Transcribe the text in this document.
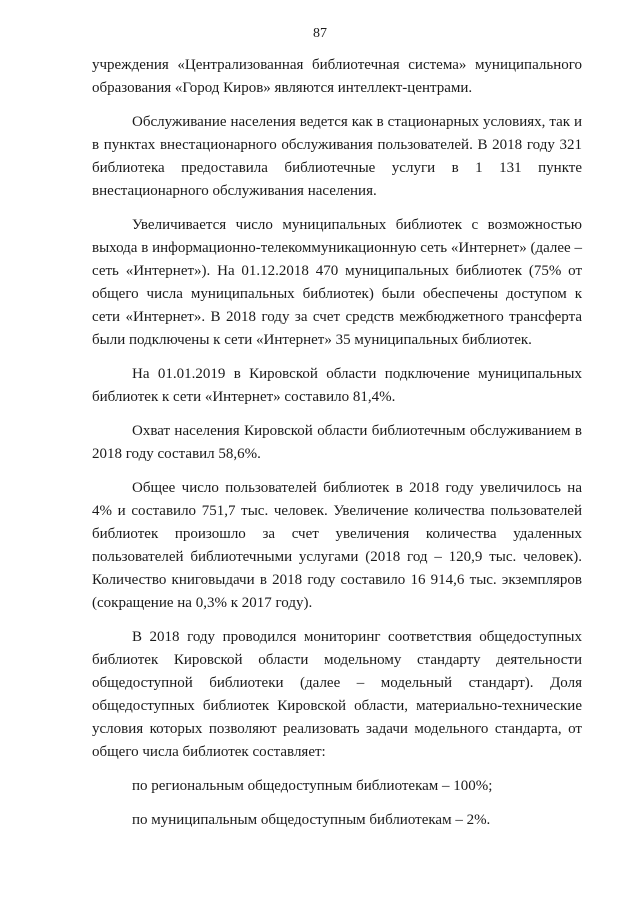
87

учреждения «Централизованная библиотечная система» муниципального образования «Город Киров» являются интеллект-центрами.

Обслуживание населения ведется как в стационарных условиях, так и в пунктах внестационарного обслуживания пользователей. В 2018 году 321 библиотека предоставила библиотечные услуги в 1 131 пункте внестационарного обслуживания населения.

Увеличивается число муниципальных библиотек с возможностью выхода в информационно-телекоммуникационную сеть «Интернет» (далее – сеть «Интернет»). На 01.12.2018 470 муниципальных библиотек (75% от общего числа муниципальных библиотек) были обеспечены доступом к сети «Интернет». В 2018 году за счет средств межбюджетного трансферта были подключены к сети «Интернет» 35 муниципальных библиотек.

На 01.01.2019 в Кировской области подключение муниципальных библиотек к сети «Интернет» составило 81,4%.

Охват населения Кировской области библиотечным обслуживанием в 2018 году составил 58,6%.

Общее число пользователей библиотек в 2018 году увеличилось на 4% и составило 751,7 тыс. человек. Увеличение количества пользователей библиотек произошло за счет увеличения количества удаленных пользователей библиотечными услугами (2018 год – 120,9 тыс. человек). Количество книговыдачи в 2018 году составило 16 914,6 тыс. экземпляров (сокращение на 0,3% к 2017 году).

В 2018 году проводился мониторинг соответствия общедоступных библиотек Кировской области модельному стандарту деятельности общедоступной библиотеки (далее – модельный стандарт). Доля общедоступных библиотек Кировской области, материально-технические условия которых позволяют реализовать задачи модельного стандарта, от общего числа библиотек составляет:

по региональным общедоступным библиотекам – 100%;

по муниципальным общедоступным библиотекам – 2%.
